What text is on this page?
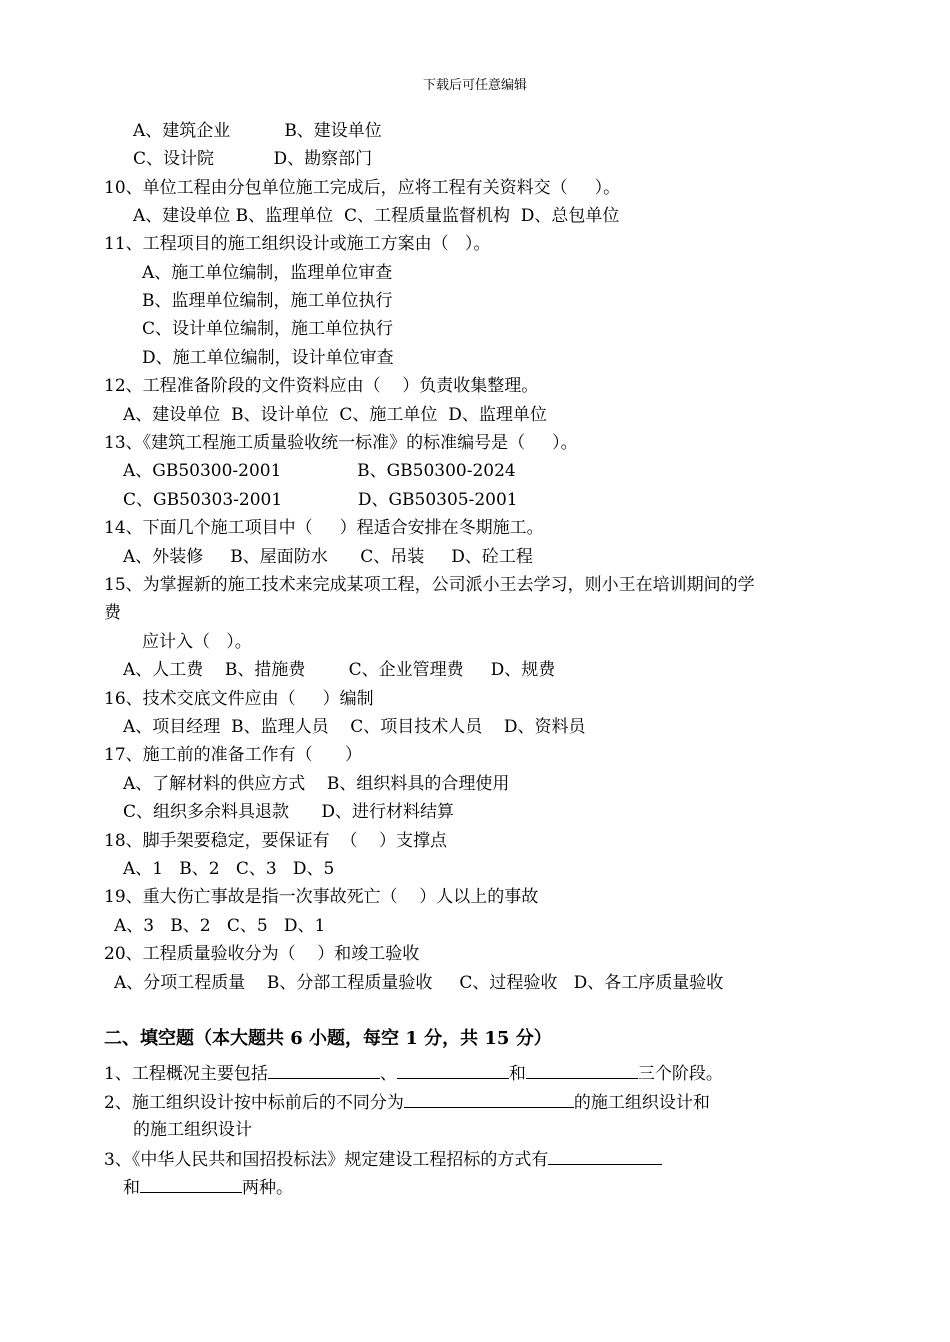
下载后可任意编辑
A、建筑企业          B、建设单位
C、设计院           D、勘察部门
10、单位工程由分包单位施工完成后，应将工程有关资料交（     ）。
A、建设单位 B、监理单位  C、工程质量监督机构  D、总包单位
11、工程项目的施工组织设计或施工方案由（   ）。
A、施工单位编制，监理单位审查
B、监理单位编制，施工单位执行
C、设计单位编制，施工单位执行
D、施工单位编制，设计单位审查
12、工程准备阶段的文件资料应由（    ）负责收集整理。
A、建设单位  B、设计单位  C、施工单位  D、监理单位
13、《建筑工程施工质量验收统一标准》的标准编号是（     ）。
A、GB50300-2001              B、GB50300-2024
C、GB50303-2001              D、GB50305-2001
14、下面几个施工项目中（     ）程适合安排在冬期施工。
A、外装修     B、屋面防水      C、吊装     D、砼工程
15、为掌握新的施工技术来完成某项工程，公司派小王去学习，则小王在培训期间的学
费
应计入（   ）。
A、人工费    B、措施费        C、企业管理费     D、规费
16、技术交底文件应由（     ）编制
A、项目经理  B、监理人员    C、项目技术人员    D、资料员
17、施工前的准备工作有（      ）
A、了解材料的供应方式    B、组织料具的合理使用
C、组织多余料具退款      D、进行材料结算
18、脚手架要稳定，要保证有  （    ）支撑点
A、1   B、2   C、3   D、5
19、重大伤亡事故是指一次事故死亡（    ）人以上的事故
A、3   B、2   C、5   D、1
20、工程质量验收分为（    ）和竣工验收
A、分项工程质量    B、分部工程质量验收     C、过程验收   D、各工序质量验收
二、填空题（本大题共 6 小题，每空 1 分，共 15 分）
1、工程概况主要包括	、	和	三个阶段。
2、施工组织设计按中标前后的不同分为	的施工组织设计和
的施工组织设计
3、《中华人民共和国招投标法》规定建设工程招标的方式有
和	两种。
